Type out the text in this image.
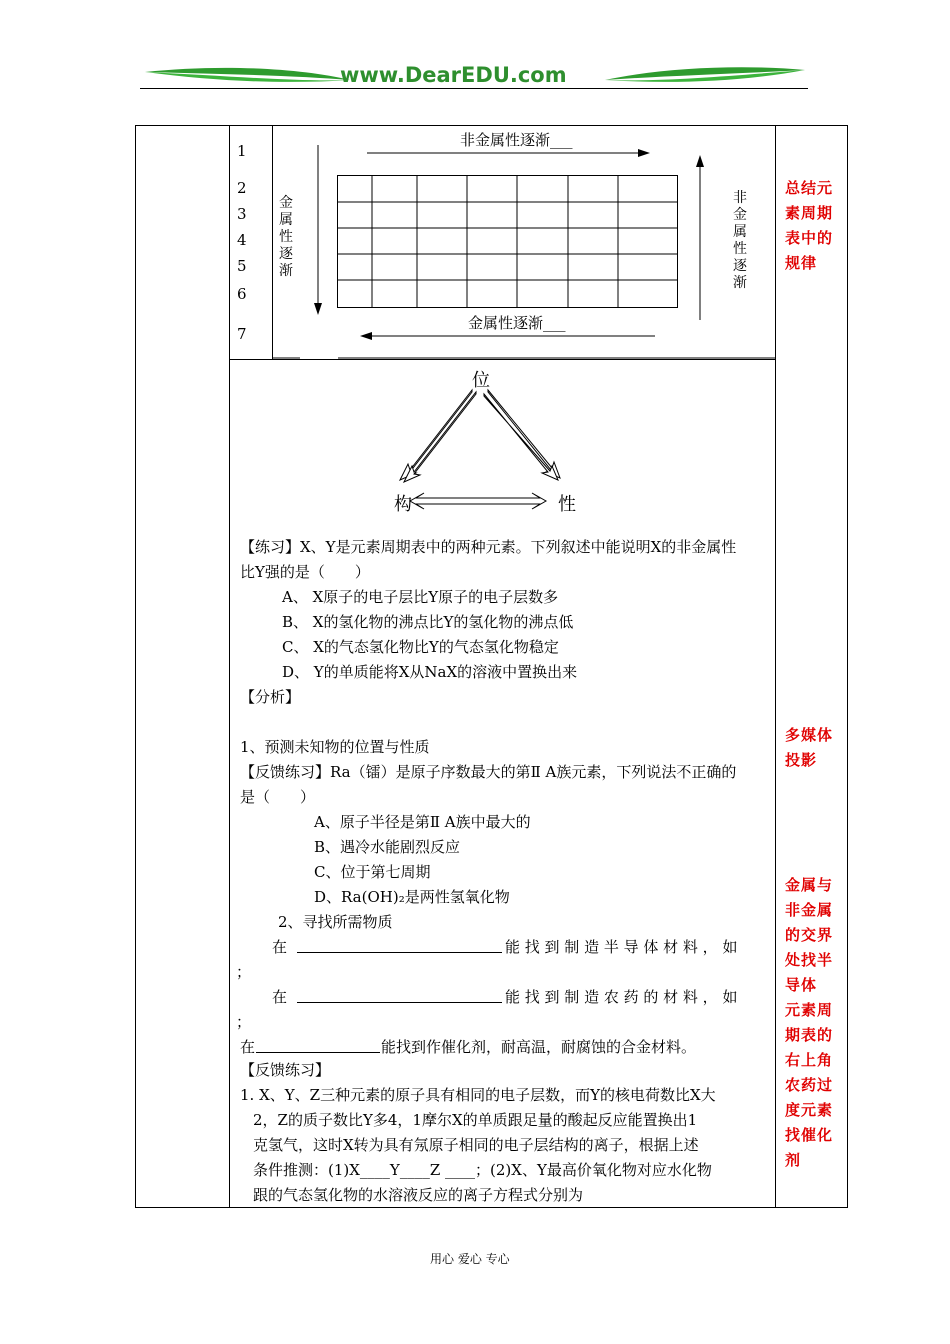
www.DearEDU.com
1
2
3
4
5
6
7
非金属性逐渐___
金属性逐渐___
金属性逐渐
非金属性逐渐
位
构	性
【练习】X、Y是元素周期表中的两种元素。下列叙述中能说明X的非金属性
比Y强的是（　　）
A、 X原子的电子层比Y原子的电子层数多
B、 X的氢化物的沸点比Y的氢化物的沸点低
C、 X的气态氢化物比Y的气态氢化物稳定
D、 Y的单质能将X从NaX的溶液中置换出来
【分析】
1、预测未知物的位置与性质
【反馈练习】Ra（镭）是原子序数最大的第Ⅱ A族元素，下列说法不正确的
是（　　）
A、原子半径是第Ⅱ A族中最大的
B、遇冷水能剧烈反应
C、位于第七周期
D、Ra(OH)₂是两性氢氧化物
2、寻找所需物质
在	能 找 到 制 造 半 导 体 材 料 ， 如
；
在	能 找 到 制 造 农 药 的 材 料 ， 如
；
在	能找到作催化剂，耐高温，耐腐蚀的合金材料。
【反馈练习】
1. X、Y、Z三种元素的原子具有相同的电子层数，而Y的核电荷数比X大
2，Z的质子数比Y多4，1摩尔X的单质跟足量的酸起反应能置换出1
克氢气，这时X转为具有氖原子相同的电子层结构的离子，根据上述
条件推测：(1)X____Y____Z ____；(2)X、Y最高价氧化物对应水化物
跟的气态氢化物的水溶液反应的离子方程式分别为
总结元
素周期
表中的
规律
多媒体
投影
金属与
非金属
的交界
处找半
导体
元素周
期表的
右上角
农药过
度元素
找催化
剂
用心 爱心 专心
